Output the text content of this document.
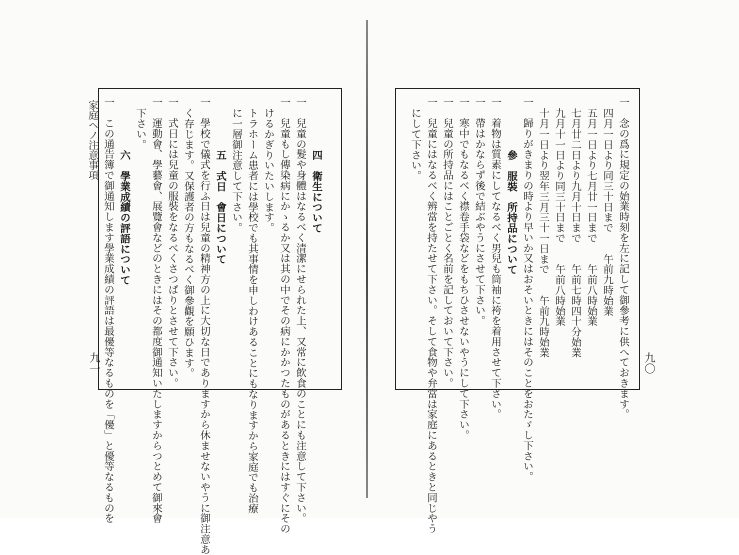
家庭ヘノ注意事項
九一 一　この通告簿で御通知します學業成績の評語は最優等なるものを「優」と優等なるものを 六　學業成績の評語について
下さい。 一　運動會、學藝會、展覽會などのときにはその都度御通知いたしますからつとめて御來會 一　式日には兒童の服裝をなるべくさつぱりとさせて下さい。 く存じます。又保護者の方もなるべく御參觀を願ひます。 一　學校で儀式を行ふ日は兒童の精神方の上に大切な日でありますから休ませないやうに御注意あ 五　式日　會日について に一層御注意して下さい。 トラホーム患者には學校でも其事情を申しわけあることにもなりますから家庭でも治療 けるかぎりいたいします。 一　兒童もし傳染病にかゝるか又は其の中でその病にかかつたものがあるときにはすぐにその 一　兒童の髮や身體はなるべく清潔にせられた上、又常に飲食のことにも注意して下さい。 四　衛生について
九〇
一　念の爲に規定の始業時刻を左に記して御參考に供へておきます。
四月一日より同三十日まで　　午前九時始業
五月一日より七月廿一日まで　　午前八時始業
七月廿二日より九月十日まで　　午前七時四十分始業
九月十一日より同三十日まで　　午前八時始業
十月一日より翌年三月三十一日まで　　午前九時始業
一　歸りがきまりの時より早いか又はおそいときにはそのことをおたゞし下さい。
參　服裝　所持品について
一　着物は質素にしてなるべく男兒も筒袖に袴を着用させて下さい。
一　帶はかならず後で結ぶやうにさせて下さい。
一　寒中でもなるべく襟卷手袋などをもちひさせないやうにして下さい。
一　兒童の所持品にはことごとく名前を記しておいて下さい。
一　兒童にはなるべく辨當を持たせて下さい。そして食物や弁當は家庭にあるときと同じやう
にして下さい。
